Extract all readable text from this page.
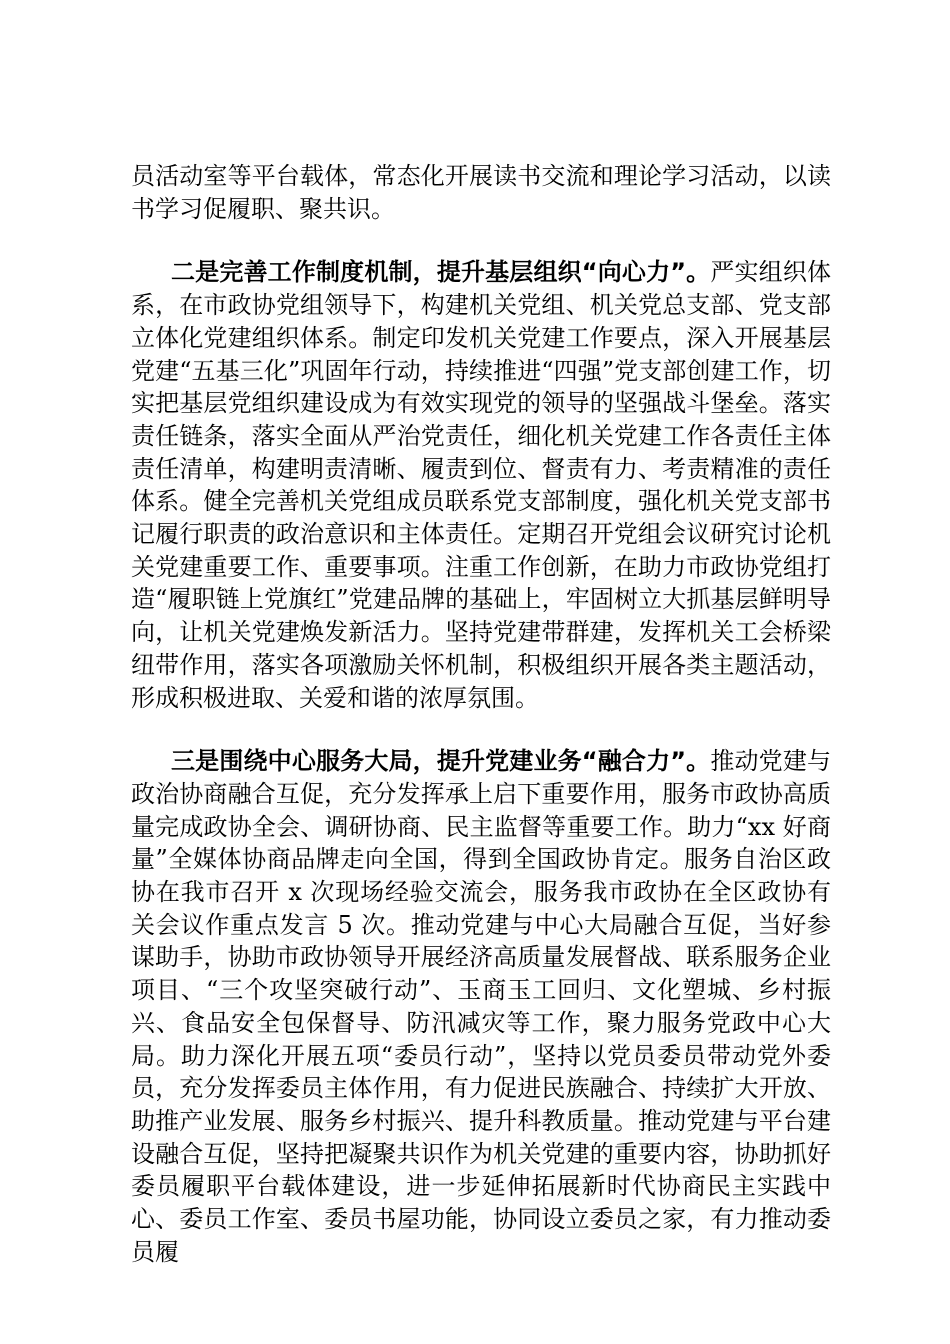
员活动室等平台载体，常态化开展读书交流和理论学习活动，以读书学习促履职、聚共识。

二是完善工作制度机制，提升基层组织“向心力”。严实组织体系，在市政协党组领导下，构建机关党组、机关党总支部、党支部立体化党建组织体系。制定印发机关党建工作要点，深入开展基层党建“五基三化”巩固年行动，持续推进“四强”党支部创建工作，切实把基层党组织建设成为有效实现党的领导的坚强战斗堡垒。落实责任链条，落实全面从严治党责任，细化机关党建工作各责任主体责任清单，构建明责清晰、履责到位、督责有力、考责精准的责任体系。健全完善机关党组成员联系党支部制度，强化机关党支部书记履行职责的政治意识和主体责任。定期召开党组会议研究讨论机关党建重要工作、重要事项。注重工作创新，在助力市政协党组打造“履职链上党旗红”党建品牌的基础上，牢固树立大抓基层鲜明导向，让机关党建焕发新活力。坚持党建带群建，发挥机关工会桥梁纽带作用，落实各项激励关怀机制，积极组织开展各类主题活动，形成积极进取、关爱和谐的浓厚氛围。

三是围绕中心服务大局，提升党建业务“融合力”。推动党建与政治协商融合互促，充分发挥承上启下重要作用，服务市政协高质量完成政协全会、调研协商、民主监督等重要工作。助力“xx 好商量”全媒体协商品牌走向全国，得到全国政协肯定。服务自治区政协在我市召开 x 次现场经验交流会，服务我市政协在全区政协有关会议作重点发言 5 次。推动党建与中心大局融合互促，当好参谋助手，协助市政协领导开展经济高质量发展督战、联系服务企业项目、“三个攻坚突破行动”、玉商玉工回归、文化塑城、乡村振兴、食品安全包保督导、防汛减灾等工作，聚力服务党政中心大局。助力深化开展五项“委员行动”，坚持以党员委员带动党外委员，充分发挥委员主体作用，有力促进民族融合、持续扩大开放、助推产业发展、服务乡村振兴、提升科教质量。推动党建与平台建设融合互促，坚持把凝聚共识作为机关党建的重要内容，协助抓好委员履职平台载体建设，进一步延伸拓展新时代协商民主实践中心、委员工作室、委员书屋功能，协同设立委员之家，有力推动委员履
